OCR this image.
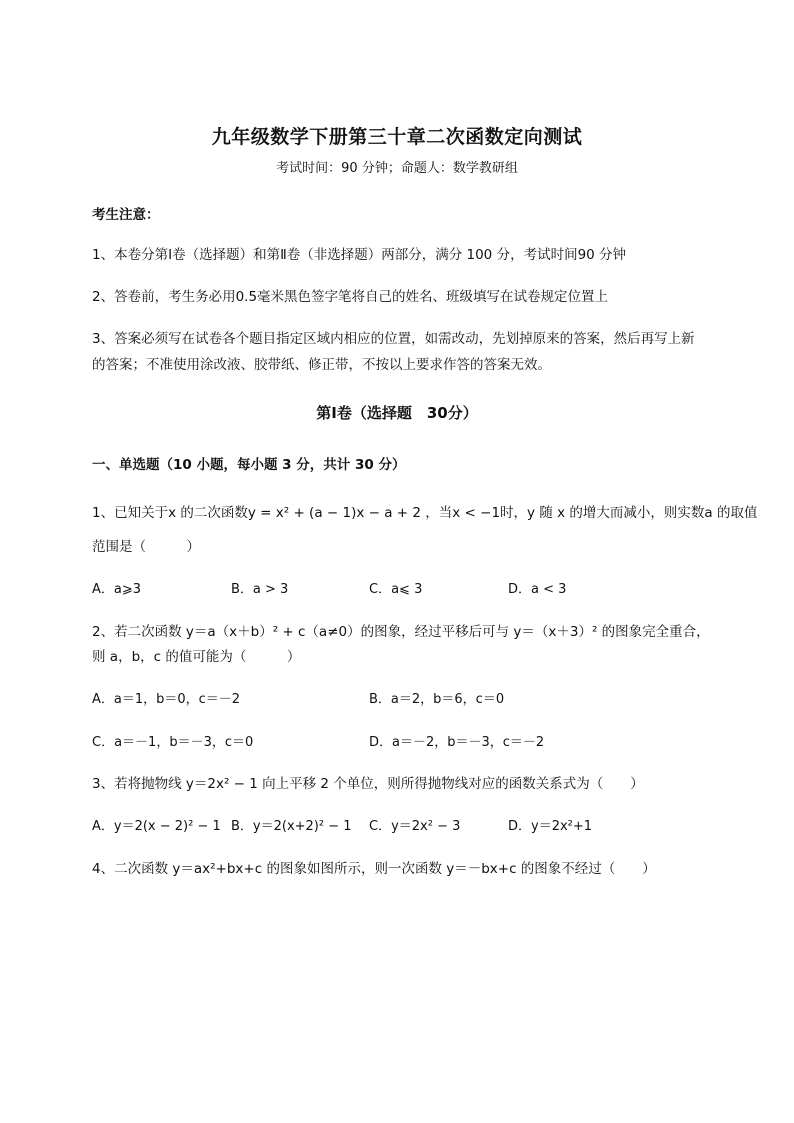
九年级数学下册第三十章二次函数定向测试
考试时间：90 分钟；命题人：数学教研组
考生注意：
1、本卷分第Ⅰ卷（选择题）和第Ⅱ卷（非选择题）两部分，满分 100 分，考试时间90 分钟
2、答卷前，考生务必用0.5毫米黑色签字笔将自己的姓名、班级填写在试卷规定位置上
3、答案必须写在试卷各个题目指定区域内相应的位置，如需改动，先划掉原来的答案，然后再写上新
的答案；不准使用涂改液、胶带纸、修正带，不按以上要求作答的答案无效。
第Ⅰ卷（选择题　30分）
一、单选题（10 小题，每小题 3 分，共计 30 分）
1、已知关于x 的二次函数y = x² + (a − 1)x − a + 2 ，当x < −1时，y 随 x 的增大而减小，则实数a 的取值
范围是（　　　）
A．a⩾3	B．a > 3	C．a⩽ 3	D．a < 3
2、若二次函数 y＝a（x＋b）² + c（a≠0）的图象，经过平移后可与 y＝（x＋3）² 的图象完全重合，
则 a，b，c 的值可能为（　　　）
A．a＝1，b＝0，c＝－2	B．a＝2，b＝6，c＝0
C．a＝－1，b＝－3，c＝0	D．a＝－2，b＝－3，c＝－2
3、若将抛物线 y＝2x² − 1 向上平移 2 个单位，则所得抛物线对应的函数关系式为（　　）
A．y＝2(x − 2)² − 1 B．y＝2(x+2)² − 1 C．y＝2x² − 3	D．y＝2x²+1
4、二次函数 y＝ax²+bx+c 的图象如图所示，则一次函数 y＝－bx+c 的图象不经过（　　）
